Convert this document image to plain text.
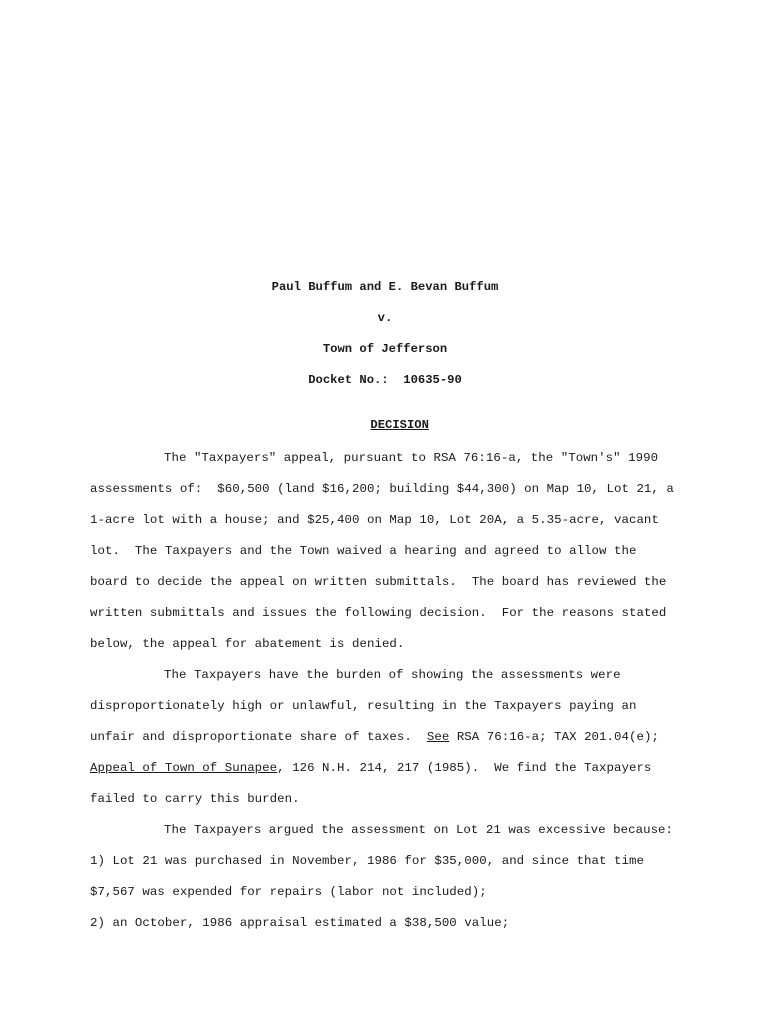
Paul Buffum and E. Bevan Buffum
v.
Town of Jefferson
Docket No.:  10635-90

DECISION

The "Taxpayers" appeal, pursuant to RSA 76:16-a, the "Town's" 1990
assessments of:  $60,500 (land $16,200; building $44,300) on Map 10, Lot 21, a
1-acre lot with a house; and $25,400 on Map 10, Lot 20A, a 5.35-acre, vacant
lot.  The Taxpayers and the Town waived a hearing and agreed to allow the
board to decide the appeal on written submittals.  The board has reviewed the
written submittals and issues the following decision.  For the reasons stated
below, the appeal for abatement is denied.
The Taxpayers have the burden of showing the assessments were
disproportionately high or unlawful, resulting in the Taxpayers paying an
unfair and disproportionate share of taxes.  See RSA 76:16-a; TAX 201.04(e);
Appeal of Town of Sunapee, 126 N.H. 214, 217 (1985).  We find the Taxpayers
failed to carry this burden.
The Taxpayers argued the assessment on Lot 21 was excessive because:
1) Lot 21 was purchased in November, 1986 for $35,000, and since that time
$7,567 was expended for repairs (labor not included);
2) an October, 1986 appraisal estimated a $38,500 value;
